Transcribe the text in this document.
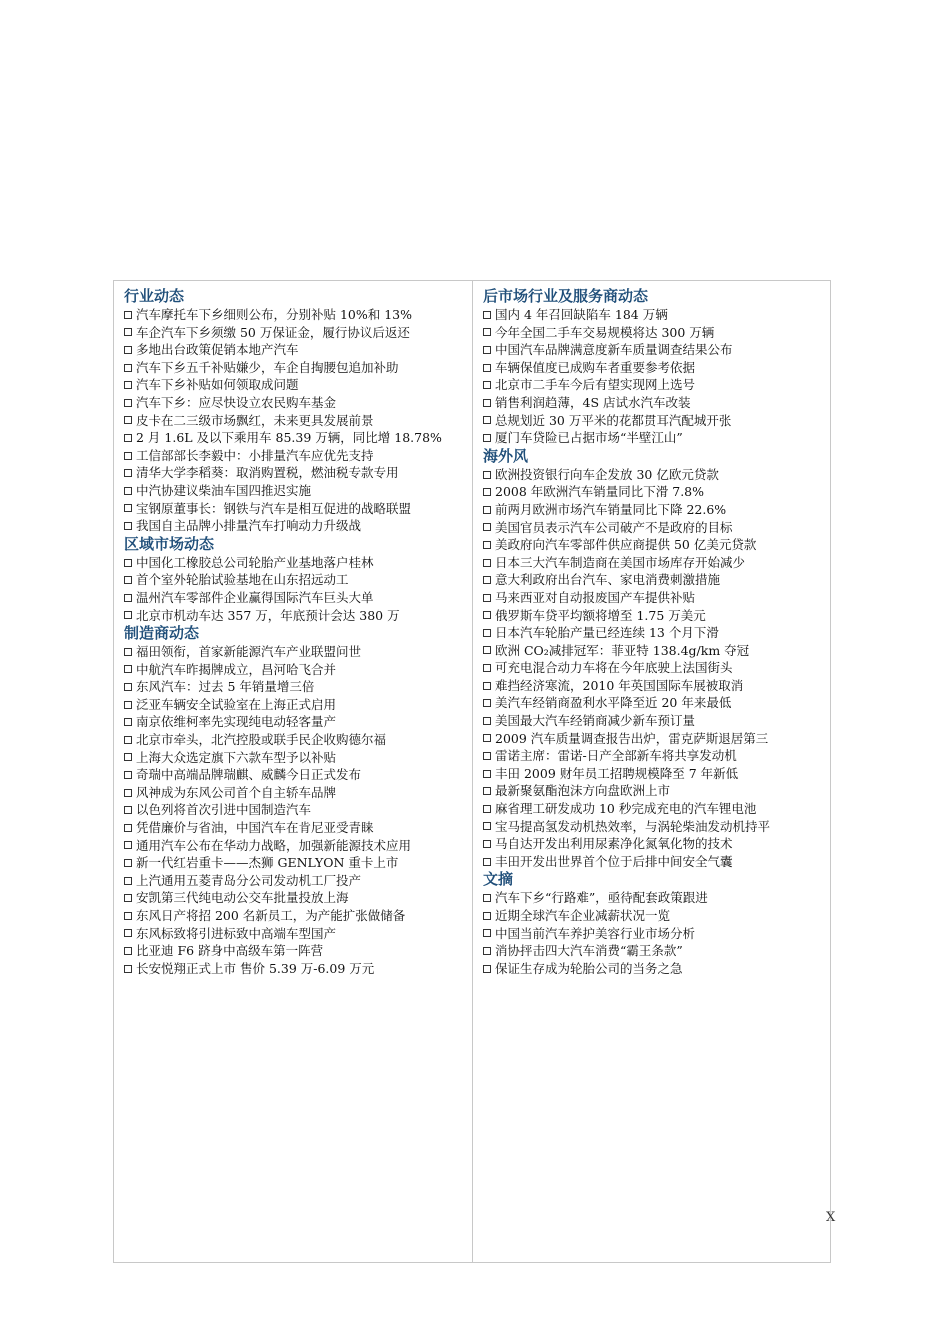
行业动态
汽车摩托车下乡细则公布，分别补贴 10%和 13%
车企汽车下乡须缴 50 万保证金，履行协议后返还
多地出台政策促销本地产汽车
汽车下乡五千补贴嫌少，车企自掏腰包追加补助
汽车下乡补贴如何领取成问题
汽车下乡：应尽快设立农民购车基金
皮卡在二三级市场飘红，未来更具发展前景
2 月 1.6L 及以下乘用车 85.39 万辆，同比增 18.78%
工信部部长李毅中：小排量汽车应优先支持
清华大学李稻葵：取消购置税，燃油税专款专用
中汽协建议柴油车国四推迟实施
宝钢原董事长：钢铁与汽车是相互促进的战略联盟
我国自主品牌小排量汽车打响动力升级战
区域市场动态
中国化工橡胶总公司轮胎产业基地落户桂林
首个室外轮胎试验基地在山东招远动工
温州汽车零部件企业赢得国际汽车巨头大单
北京市机动车达 357 万，年底预计会达 380 万
制造商动态
福田领衔，首家新能源汽车产业联盟问世
中航汽车昨揭牌成立，昌河哈飞合并
东风汽车：过去 5 年销量增三倍
泛亚车辆安全试验室在上海正式启用
南京依维柯率先实现纯电动轻客量产
北京市牵头，北汽控股或联手民企收购德尔福
上海大众选定旗下六款车型予以补贴
奇瑞中高端品牌瑞麒、威麟今日正式发布
风神成为东风公司首个自主轿车品牌
以色列将首次引进中国制造汽车
凭借廉价与省油，中国汽车在肯尼亚受青睐
通用汽车公布在华动力战略，加强新能源技术应用
新一代红岩重卡——杰狮 GENLYON 重卡上市
上汽通用五菱青岛分公司发动机工厂投产
安凯第三代纯电动公交车批量投放上海
东风日产将招 200 名新员工，为产能扩张做储备
东风标致将引进标致中高端车型国产
比亚迪 F6 跻身中高级车第一阵营
长安悦翔正式上市 售价 5.39 万-6.09 万元
后市场行业及服务商动态
国内 4 年召回缺陷车 184 万辆
今年全国二手车交易规模将达 300 万辆
中国汽车品牌满意度新车质量调查结果公布
车辆保值度已成购车者重要参考依据
北京市二手车今后有望实现网上选号
销售利润趋薄，4S 店试水汽车改装
总规划近 30 万平米的花都贯耳汽配城开张
厦门车贷险已占据市场“半壁江山”
海外风
欧洲投资银行向车企发放 30 亿欧元贷款
2008 年欧洲汽车销量同比下滑 7.8%
前两月欧洲市场汽车销量同比下降 22.6%
美国官员表示汽车公司破产不是政府的目标
美政府向汽车零部件供应商提供 50 亿美元贷款
日本三大汽车制造商在美国市场库存开始减少
意大利政府出台汽车、家电消费刺激措施
马来西亚对自动报废国产车提供补贴
俄罗斯车贷平均额将增至 1.75 万美元
日本汽车轮胎产量已经连续 13 个月下滑
欧洲 CO₂减排冠军：菲亚特 138.4g/km 夺冠
可充电混合动力车将在今年底驶上法国街头
难挡经济寒流，2010 年英国国际车展被取消
美汽车经销商盈利水平降至近 20 年来最低
美国最大汽车经销商减少新车预订量
2009 汽车质量调查报告出炉，雷克萨斯退居第三
雷诺主席：雷诺-日产全部新车将共享发动机
丰田 2009 财年员工招聘规模降至 7 年新低
最新聚氨酯泡沫方向盘欧洲上市
麻省理工研发成功 10 秒完成充电的汽车锂电池
宝马提高氢发动机热效率，与涡轮柴油发动机持平
马自达开发出利用尿素净化氮氧化物的技术
丰田开发出世界首个位于后排中间安全气囊
文摘
汽车下乡“行路难”，亟待配套政策跟进
近期全球汽车企业减薪状况一览
中国当前汽车养护美容行业市场分析
消协抨击四大汽车消费“霸王条款”
保证生存成为轮胎公司的当务之急
X
